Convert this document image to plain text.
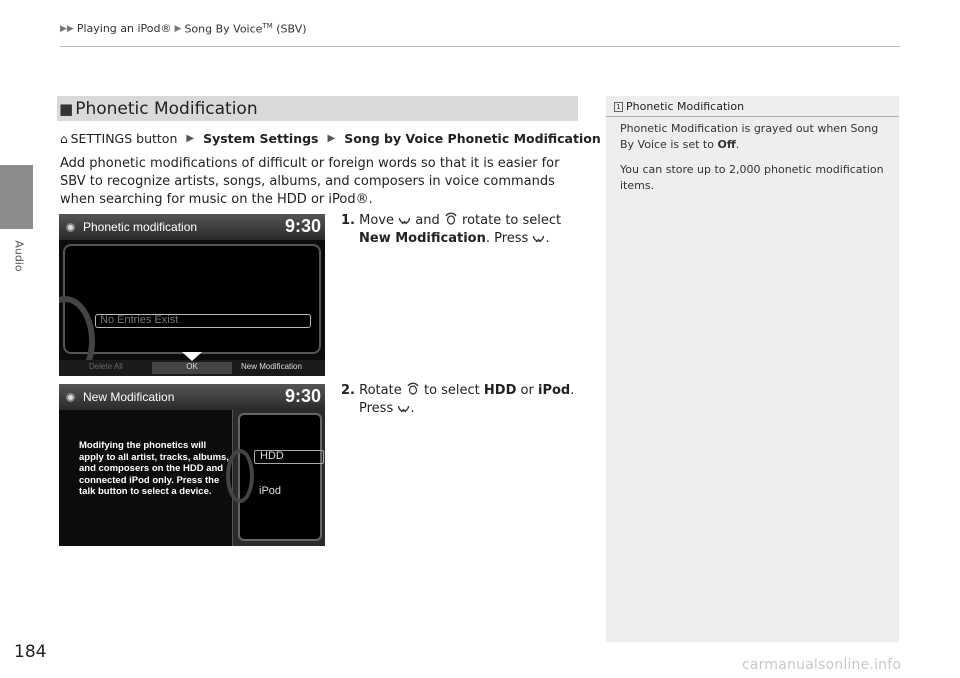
Audio
▶▶ Playing an iPod® ▶ Song By Voice™ (SBV)
■ Phonetic Modification
⌂ SETTINGS button ▶ System Settings ▶ Song by Voice Phonetic Modification
Add phonetic modifications of difficult or foreign words so that it is easier for SBV to recognize artists, songs, albums, and composers in voice commands when searching for music on the HDD or iPod®.
Phonetic modification	9:30
No Entries Exist
Delete All	OK	New Modification
New Modification	9:30
Modifying the phonetics will apply to all artist, tracks, albums, and composers on the HDD and connected iPod only. Press the talk button to select a device.
HDD
iPod
1. Move and rotate to select
New Modification. Press .
2. Rotate to select HDD or iPod.
Press .
1 Phonetic Modification
Phonetic Modification is grayed out when Song By Voice is set to Off.
You can store up to 2,000 phonetic modification items.
184
carmanualsonline.info
